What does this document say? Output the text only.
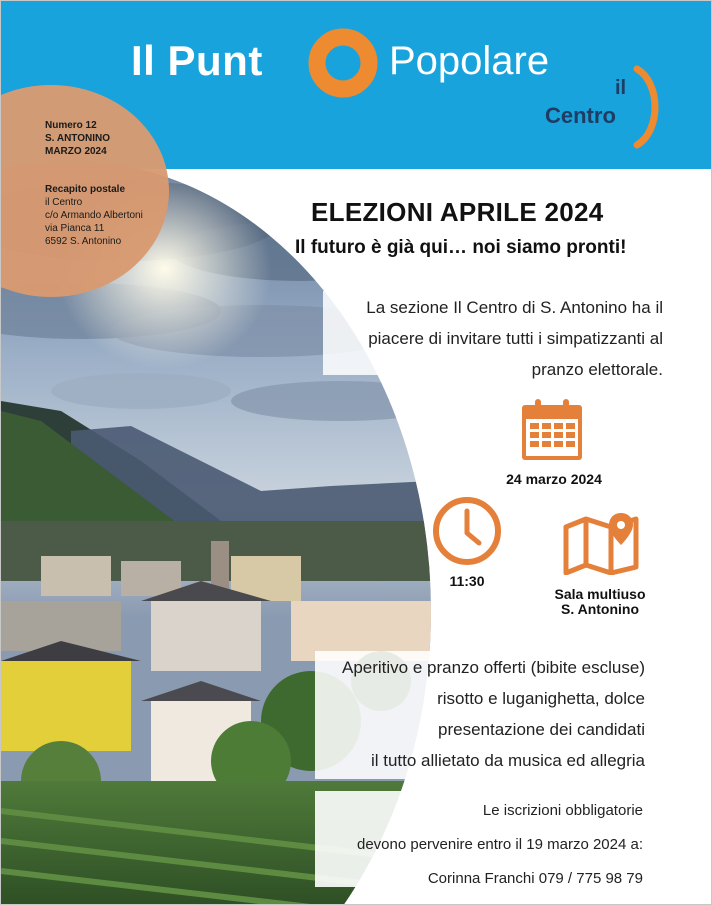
Il Punt	Popolare
il
Centro
Numero 12
S. ANTONINO
MARZO 2024
Recapito postale
il Centro
c/o Armando Albertoni
via Pianca 11
6592 S. Antonino
ELEZIONI APRILE 2024
Il futuro è già qui… noi siamo pronti!

La sezione Il Centro di S. Antonino ha il

piacere di invitare tutti i simpatizzanti al

pranzo elettorale.

24 marzo 2024
11:30
Sala multiuso
S. Antonino

Aperitivo e pranzo offerti (bibite escluse)

risotto e luganighetta, dolce

presentazione dei candidati

il tutto allietato da musica ed allegria

Le iscrizioni obbligatorie

devono pervenire entro il 19 marzo 2024 a:

Corinna Franchi 079 / 775 98 79
